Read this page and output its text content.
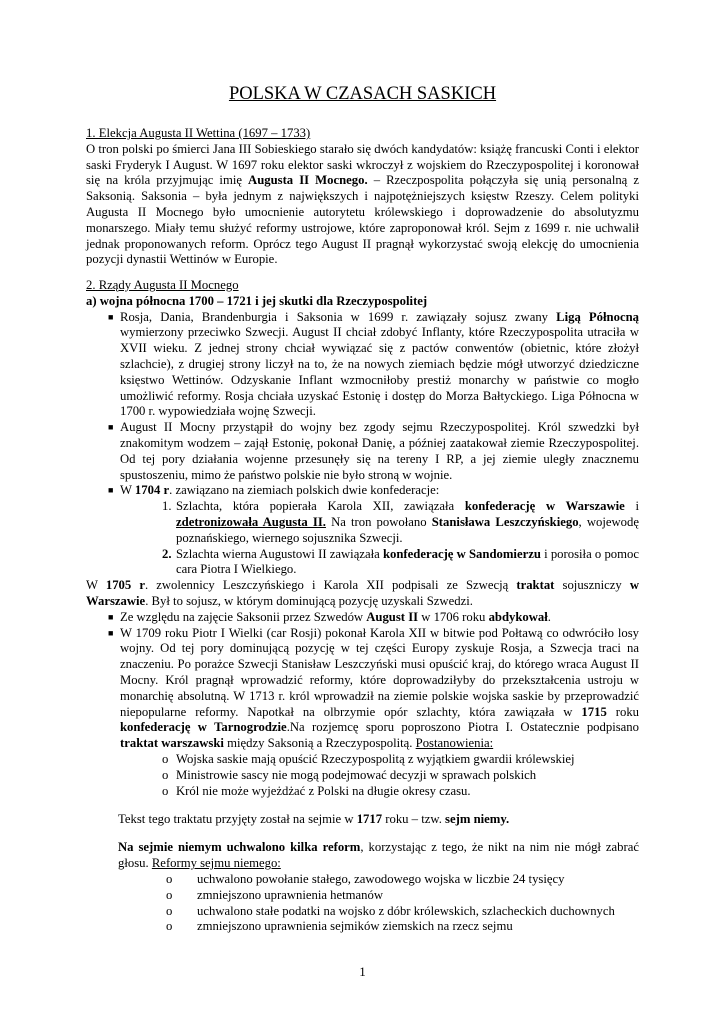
POLSKA W CZASACH SASKICH

1. Elekcja Augusta II Wettina (1697 – 1733)

O tron polski po śmierci Jana III Sobieskiego starało się dwóch kandydatów: książę francuski Conti i elektor saski Fryderyk I August. W 1697 roku elektor saski wkroczył z wojskiem do Rzeczypospolitej i koronował się na króla przyjmując imię Augusta II Mocnego. – Rzeczpospolita połączyła się unią personalną z Saksonią. Saksonia – była jednym z największych i najpotężniejszych księstw Rzeszy. Celem polityki Augusta II Mocnego było umocnienie autorytetu królewskiego i doprowadzenie do absolutyzmu monarszego. Miały temu służyć reformy ustrojowe, które zaproponował król. Sejm z 1699 r. nie uchwalił jednak proponowanych reform. Oprócz tego August II pragnął wykorzystać swoją elekcję do umocnienia pozycji dynastii Wettinów w Europie.

2. Rządy Augusta II Mocnego

a) wojna północna 1700 – 1721 i jej skutki dla Rzeczypospolitej

■ Rosja, Dania, Brandenburgia i Saksonia w 1699 r. zawiązały sojusz zwany Ligą Północną wymierzony przeciwko Szwecji. August II chciał zdobyć Inflanty, które Rzeczypospolita utraciła w XVII wieku. Z jednej strony chciał wywiązać się z pactów conwentów (obietnic, które złożył szlachcie), z drugiej strony liczył na to, że na nowych ziemiach będzie mógł utworzyć dziedziczne księstwo Wettinów. Odzyskanie Inflant wzmocniłoby prestiż monarchy w państwie co mogło umożliwić reformy. Rosja chciała uzyskać Estonię i dostęp do Morza Bałtyckiego. Liga Północna w 1700 r. wypowiedziała wojnę Szwecji.
■ August II Mocny przystąpił do wojny bez zgody sejmu Rzeczypospolitej. Król szwedzki był znakomitym wodzem – zajął Estonię, pokonał Danię, a później zaatakował ziemie Rzeczypospolitej. Od tej pory działania wojenne przesunęły się na tereny I RP, a jej ziemie uległy znacznemu spustoszeniu, mimo że państwo polskie nie było stroną w wojnie.
■ W 1704 r. zawiązano na ziemiach polskich dwie konfederacje:
1. Szlachta, która popierała Karola XII, zawiązała konfederację w Warszawie i zdetronizowała Augusta II. Na tron powołano Stanisława Leszczyńskiego, wojewodę poznańskiego, wiernego sojusznika Szwecji.
2. Szlachta wierna Augustowi II zawiązała konfederację w Sandomierzu i porosiła o pomoc cara Piotra I Wielkiego.

W 1705 r. zwolennicy Leszczyńskiego i Karola XII podpisali ze Szwecją traktat sojuszniczy w Warszawie. Był to sojusz, w którym dominującą pozycję uzyskali Szwedzi.

■ Ze względu na zajęcie Saksonii przez Szwedów August II w 1706 roku abdykował.
■ W 1709 roku Piotr I Wielki (car Rosji) pokonał Karola XII w bitwie pod Połtawą co odwróciło losy wojny. Od tej pory dominującą pozycję w tej części Europy zyskuje Rosja, a Szwecja traci na znaczeniu. Po porażce Szwecji Stanisław Leszczyński musi opuścić kraj, do którego wraca August II Mocny. Król pragnął wprowadzić reformy, które doprowadziłyby do przekształcenia ustroju w monarchię absolutną. W 1713 r. król wprowadził na ziemie polskie wojska saskie by przeprowadzić niepopularne reformy. Napotkał na olbrzymie opór szlachty, która zawiązała w 1715 roku konfederację w Tarnogrodzie.Na rozjemcę sporu poproszono Piotra I. Ostatecznie podpisano traktat warszawski między Saksonią a Rzeczypospolitą. Postanowienia:
o Wojska saskie mają opuścić Rzeczypospolitą z wyjątkiem gwardii królewskiej
o Ministrowie sascy nie mogą podejmować decyzji w sprawach polskich
o Król nie może wyjeżdżać z Polski na długie okresy czasu.

Tekst tego traktatu przyjęty został na sejmie w 1717 roku – tzw. sejm niemy.

Na sejmie niemym uchwalono kilka reform, korzystając z tego, że nikt na nim nie mógł zabrać głosu. Reformy sejmu niemego:

o uchwalono powołanie stałego, zawodowego wojska w liczbie 24 tysięcy
o zmniejszono uprawnienia hetmanów
o uchwalono stałe podatki na wojsko z dóbr królewskich, szlacheckich duchownych
o zmniejszono uprawnienia sejmików ziemskich na rzecz sejmu
1
